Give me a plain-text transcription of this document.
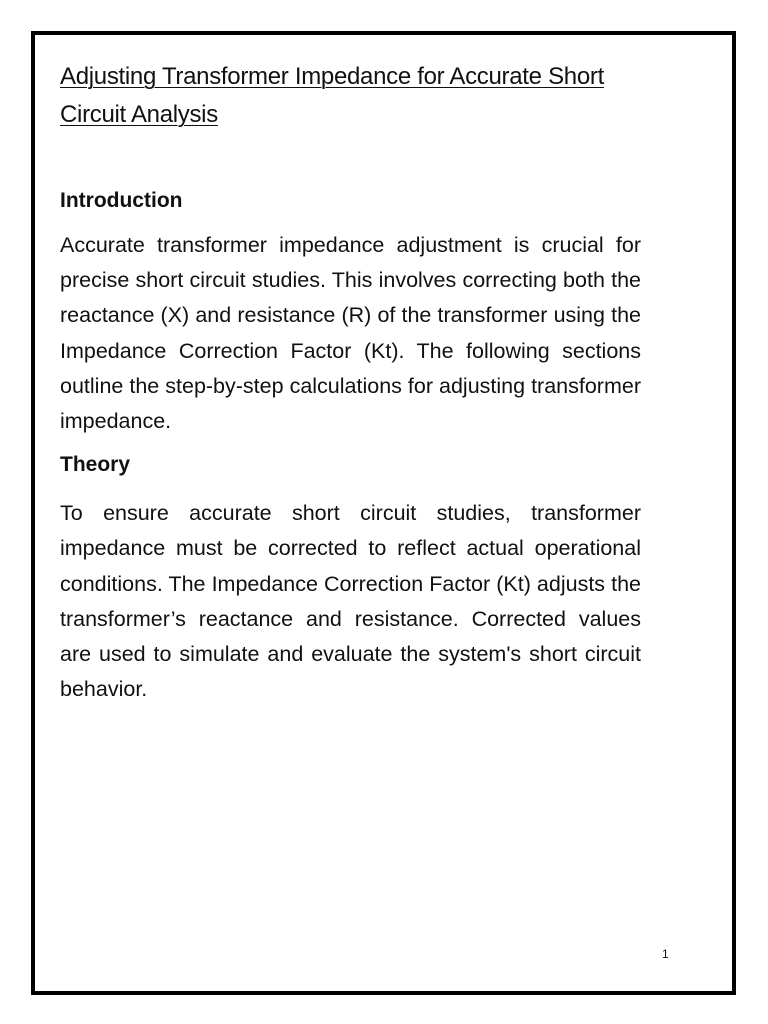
Adjusting Transformer Impedance for Accurate Short Circuit Analysis
Introduction

Accurate transformer impedance adjustment is crucial for precise short circuit studies. This involves correcting both the reactance (X) and resistance (R) of the transformer using the Impedance Correction Factor (Kt). The following sections outline the step-by-step calculations for adjusting transformer impedance.

Theory

To ensure accurate short circuit studies, transformer impedance must be corrected to reflect actual operational conditions. The Impedance Correction Factor (Kt) adjusts the transformer’s reactance and resistance. Corrected values are used to simulate and evaluate the system's short circuit behavior.

1
